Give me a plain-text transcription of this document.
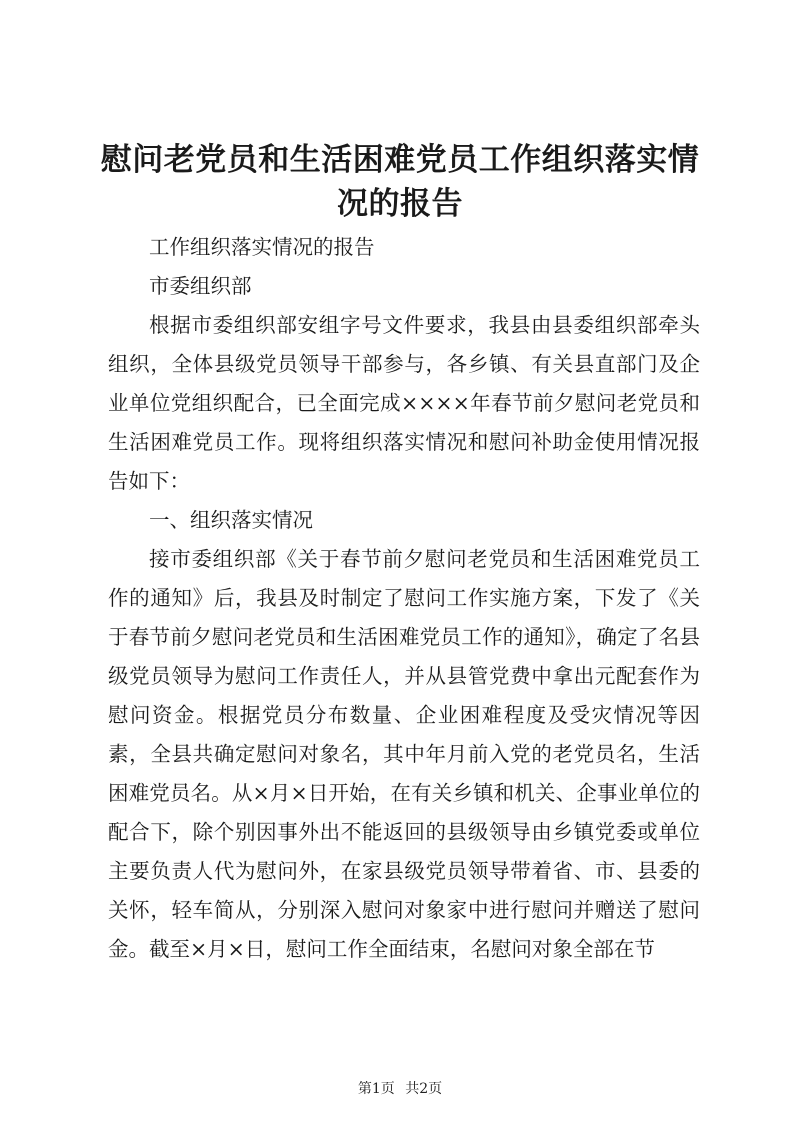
慰问老党员和生活困难党员工作组织落实情况的报告

工作组织落实情况的报告

市委组织部

根据市委组织部安组字号文件要求，我县由县委组织部牵头组织，全体县级党员领导干部参与，各乡镇、有关县直部门及企业单位党组织配合，已全面完成××××年春节前夕慰问老党员和生活困难党员工作。现将组织落实情况和慰问补助金使用情况报告如下：

一、组织落实情况

接市委组织部《关于春节前夕慰问老党员和生活困难党员工作的通知》后，我县及时制定了慰问工作实施方案，下发了《关于春节前夕慰问老党员和生活困难党员工作的通知》，确定了名县级党员领导为慰问工作责任人，并从县管党费中拿出元配套作为慰问资金。根据党员分布数量、企业困难程度及受灾情况等因素，全县共确定慰问对象名，其中年月前入党的老党员名，生活困难党员名。从×月×日开始，在有关乡镇和机关、企事业单位的配合下，除个别因事外出不能返回的县级领导由乡镇党委或单位主要负责人代为慰问外，在家县级党员领导带着省、市、县委的关怀，轻车简从，分别深入慰问对象家中进行慰问并赠送了慰问金。截至×月×日，慰问工作全面结束，名慰问对象全部在节

第1页 共2页
